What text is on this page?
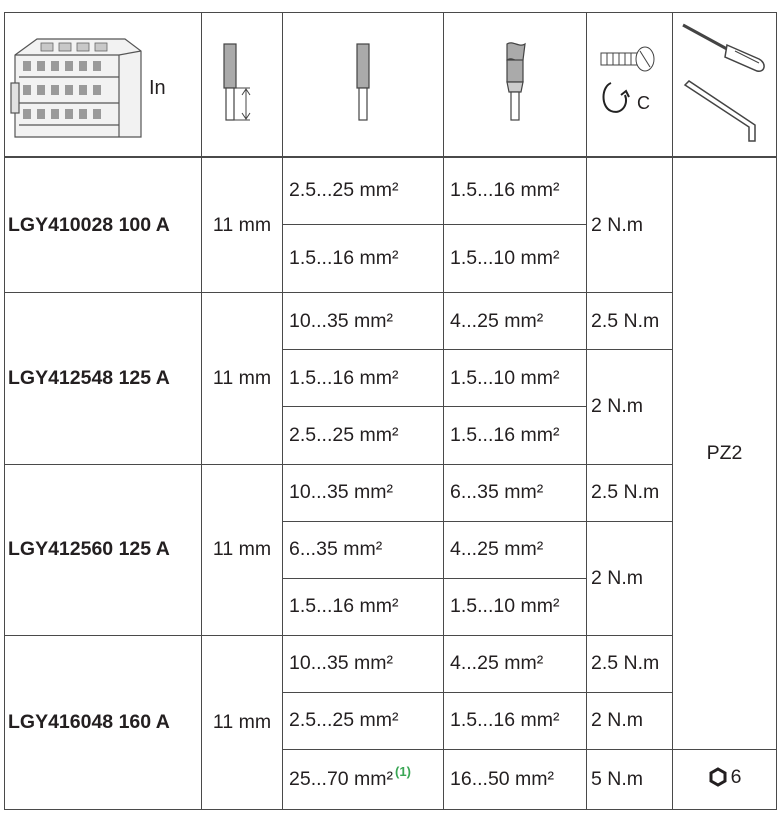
In				C

LGY410028 100 A	11 mm	2.5...25 mm²	1.5...16 mm²	2 N.m	PZ2
		1.5...16 mm²	1.5...10 mm²		
LGY412548 125 A	11 mm	10...35 mm²	4...25 mm²	2.5 N.m	
		1.5...16 mm²	1.5...10 mm²	2 N.m	
		2.5...25 mm²	1.5...16 mm²		
LGY412560 125 A	11 mm	10...35 mm²	6...35 mm²	2.5 N.m	
		6...35 mm²	4...25 mm²	2 N.m	
		1.5...16 mm²	1.5...10 mm²		
LGY416048 160 A	11 mm	10...35 mm²	4...25 mm²	2.5 N.m	
		2.5...25 mm²	1.5...16 mm²	2 N.m	
		25...70 mm² $^{(1)}$	16...50 mm²	5 N.m	6
